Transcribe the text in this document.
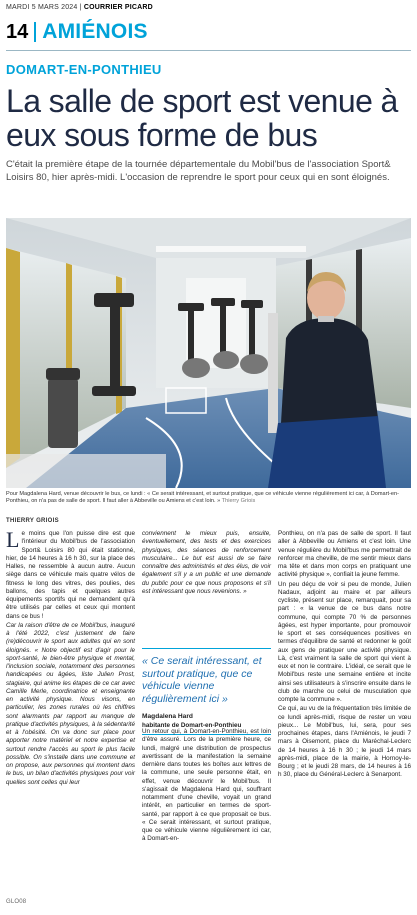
MARDI 5 MARS 2024 | COURRIER PICARD
14 AMIÉNOIS
DOMART-EN-PONTHIEU
La salle de sport est venue à eux sous forme de bus
C'était la première étape de la tournée départementale du Mobil'bus de l'association Sport& Loisirs 80, hier après-midi. L'occasion de reprendre le sport pour ceux qui en sont éloignés.
Pour Magdalena Hard, venue découvrir le bus, ce lundi : « Ce serait intéressant, et surtout pratique, que ce véhicule vienne régulièrement ici car, à Domart-en-Ponthieu, on n'a pas de salle de sport. Il faut aller à Abbeville ou Amiens et c'est loin. » Thierry Griois
THIERRY GRIOIS

Le moins que l'on puisse dire est que l'intérieur du Mobil'bus de l'association Sport& Loisirs 80 qui était stationné, hier, de 14 heures à 16 h 30, sur la place des Halles, ne ressemble à aucun autre. Aucun siège dans ce véhicule mais quatre vélos de fitness le long des vitres, des poulies, des ballons, des tapis et quelques autres équipements sportifs qui ne demandent qu'à être utilisés par celles et ceux qui montent dans ce bus !

Car la raison d'être de ce Mobil'bus, inauguré à l'été 2022, c'est justement de faire (re)découvrir le sport aux adultes qui en sont éloignés. « Notre objectif est d'agir pour le sport-santé, le bien-être physique et mental, l'inclusion sociale, notamment des personnes handicapées ou âgées, liste Julien Prost, stagiaire, qui anime les étapes de ce car avec Camille Merle, coordinatrice et enseignante en activité physique. Nous visons, en particulier, les zones rurales où les chiffres sont alarmants par rapport au manque de pratique d'activités physiques, à la sédentarité et à l'obésité. On va donc sur place pour apporter notre matériel et notre expertise et surtout rendre l'accès au sport le plus facile possible. On s'installe dans une commune et on propose, aux personnes qui montent dans le bus, un bilan d'activités physiques pour voir quelles sont celles qui leur

conviennent le mieux puis, ensuite, éventuellement, des tests et des exercices physiques, des séances de renforcement musculaire... Le but est aussi de se faire connaître des administrés et des élus, de voir également s'il y a un public et une demande du public pour ce que nous proposons et s'il est intéressant que nous revenions. »

« Ce serait intéressant, et surtout pratique, que ce véhicule vienne régulièrement ici »
Magdalena Hard
habitante de Domart-en-Ponthieu

Un retour qui, à Domart-en-Ponthieu, est loin d'être assuré. Lors de la première heure, ce lundi, malgré une distribution de prospectus avertissant de la manifestation la semaine dernière dans toutes les boîtes aux lettres de la commune, une seule personne était, en effet, venue découvrir le Mobil'bus. Il s'agissait de Magdalena Hard qui, souffrant notamment d'une cheville, voyait un grand intérêt, en particulier en termes de sport-santé, par rapport à ce que proposait ce bus. « Ce serait intéressant, et surtout pratique, que ce véhicule vienne régulièrement ici car, à Domart-en-

Ponthieu, on n'a pas de salle de sport. Il faut aller à Abbeville ou Amiens et c'est loin. Une venue régulière du Mobil'bus me permettrait de renforcer ma cheville, de me sentir mieux dans ma tête et dans mon corps en pratiquant une activité physique », confiait la jeune femme.

Un peu déçu de voir si peu de monde, Julien Nadaux, adjoint au maire et par ailleurs cycliste, présent sur place, remarquait, pour sa part : « la venue de ce bus dans notre commune, qui compte 70 % de personnes âgées, est hyper importante, pour promouvoir le sport et ses conséquences positives en termes d'équilibre de santé et redonner le goût aux gens de pratiquer une activité physique. Là, c'est vraiment la salle de sport qui vient à eux et non le contraire. L'idéal, ce serait que le Mobil'bus reste une semaine entière et incite ainsi ses utilisateurs à s'inscrire ensuite dans le club de marche ou celui de musculation que compte la commune ».

Ce qui, au vu de la fréquentation très limitée de ce lundi après-midi, risque de rester un vœu pieux... Le Mobil'bus, lui, sera, pour ses prochaines étapes, dans l'Amiénois, le jeudi 7 mars à Oisemont, place du Maréchal-Leclerc de 14 heures à 16 h 30 ; le jeudi 14 mars après-midi, place de la mairie, à Hornoy-le-Bourg ; et le jeudi 28 mars, de 14 heures à 16 h 30, place du Général-Leclerc à Senarpont.

GLO08
